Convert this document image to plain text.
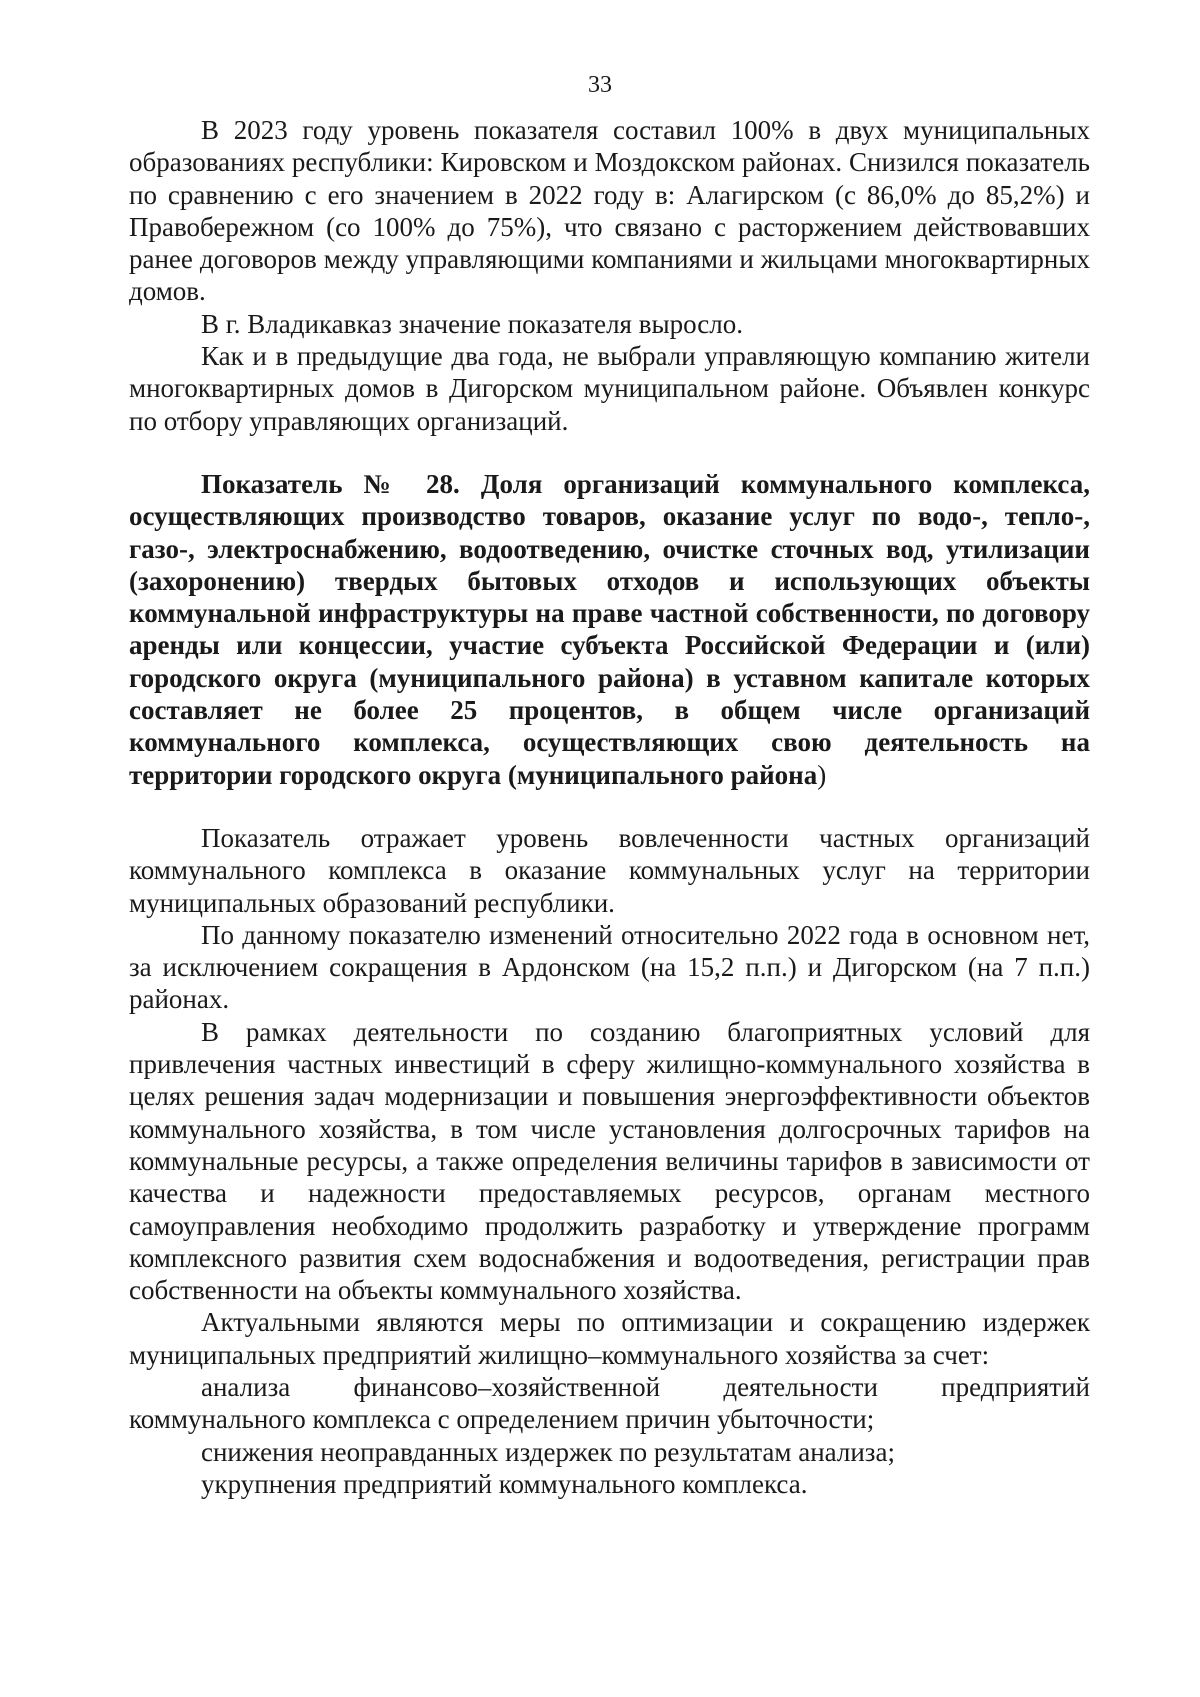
33

В 2023 году уровень показателя составил 100% в двух муниципальных образованиях республики: Кировском и Моздокском районах. Снизился показатель по сравнению с его значением в 2022 году в: Алагирском (с 86,0% до 85,2%) и Правобережном (со 100% до 75%), что связано с расторжением действовавших ранее договоров между управляющими компаниями и жильцами многоквартирных домов.

В г. Владикавказ значение показателя выросло.

Как и в предыдущие два года, не выбрали управляющую компанию жители многоквартирных домов в Дигорском муниципальном районе. Объявлен конкурс по отбору управляющих организаций.

Показатель № 28. Доля организаций коммунального комплекса, осуществляющих производство товаров, оказание услуг по водо-, тепло-, газо-, электроснабжению, водоотведению, очистке сточных вод, утилизации (захоронению) твердых бытовых отходов и использующих объекты коммунальной инфраструктуры на праве частной собственности, по договору аренды или концессии, участие субъекта Российской Федерации и (или) городского округа (муниципального района) в уставном капитале которых составляет не более 25 процентов, в общем числе организаций коммунального комплекса, осуществляющих свою деятельность на территории городского округа (муниципального района)

Показатель отражает уровень вовлеченности частных организаций коммунального комплекса в оказание коммунальных услуг на территории муниципальных образований республики.

По данному показателю изменений относительно 2022 года в основном нет, за исключением сокращения в Ардонском (на 15,2 п.п.) и Дигорском (на 7 п.п.) районах.

В рамках деятельности по созданию благоприятных условий для привлечения частных инвестиций в сферу жилищно-коммунального хозяйства в целях решения задач модернизации и повышения энергоэффективности объектов коммунального хозяйства, в том числе установления долгосрочных тарифов на коммунальные ресурсы, а также определения величины тарифов в зависимости от качества и надежности предоставляемых ресурсов, органам местного самоуправления необходимо продолжить разработку и утверждение программ комплексного развития схем водоснабжения и водоотведения, регистрации прав собственности на объекты коммунального хозяйства.

Актуальными являются меры по оптимизации и сокращению издержек муниципальных предприятий жилищно–коммунального хозяйства за счет:

анализа финансово–хозяйственной деятельности предприятий коммунального комплекса с определением причин убыточности;

снижения неоправданных издержек по результатам анализа;

укрупнения предприятий коммунального комплекса.
